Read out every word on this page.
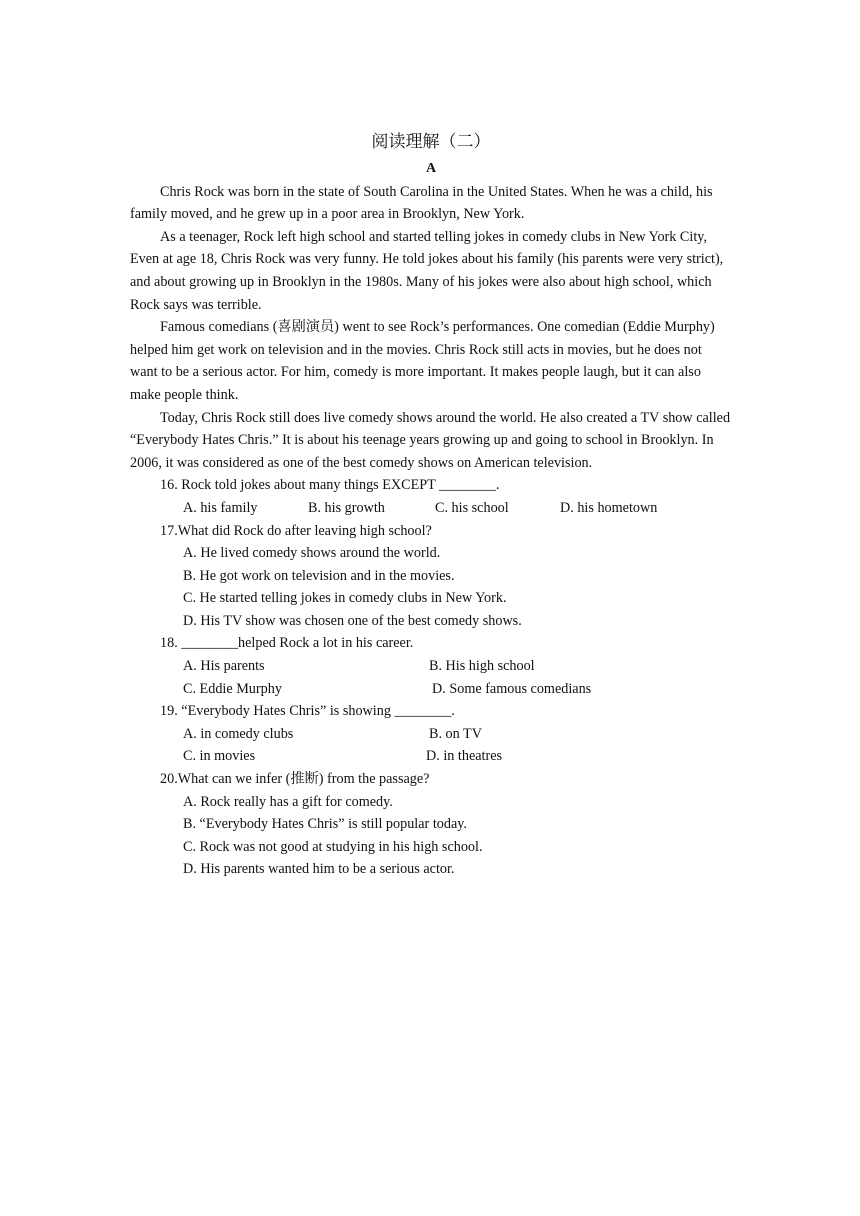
阅读理解（二）
A

Chris Rock was born in the state of South Carolina in the United States. When he was a child, his family moved, and he grew up in a poor area in Brooklyn, New York.

As a teenager, Rock left high school and started telling jokes in comedy clubs in New York City, Even at age 18, Chris Rock was very funny. He told jokes about his family (his parents were very strict), and about growing up in Brooklyn in the 1980s. Many of his jokes were also about high school, which Rock says was terrible.

Famous comedians (喜剧演员) went to see Rock’s performances. One comedian (Eddie Murphy) helped him get work on television and in the movies. Chris Rock still acts in movies, but he does not want to be a serious actor. For him, comedy is more important. It makes people laugh, but it can also make people think.

Today, Chris Rock still does live comedy shows around the world. He also created a TV show called “Everybody Hates Chris.” It is about his teenage years growing up and going to school in Brooklyn. In 2006, it was considered as one of the best comedy shows on American television.

16. Rock told jokes about many things EXCEPT ________.
A. his family	B. his growth	C. his school	D. his hometown
17.What did Rock do after leaving high school?
A. He lived comedy shows around the world.
B. He got work on television and in the movies.
C. He started telling jokes in comedy clubs in New York.
D. His TV show was chosen one of the best comedy shows.
18. ________helped Rock a lot in his career.
A. His parents	B. His high school
C. Eddie Murphy	D. Some famous comedians
19. “Everybody Hates Chris” is showing ________.
A. in comedy clubs	B. on TV
C. in movies	D. in theatres
20.What can we infer (推断) from the passage?
A. Rock really has a gift for comedy.
B. “Everybody Hates Chris” is still popular today.
C. Rock was not good at studying in his high school.
D. His parents wanted him to be a serious actor.
